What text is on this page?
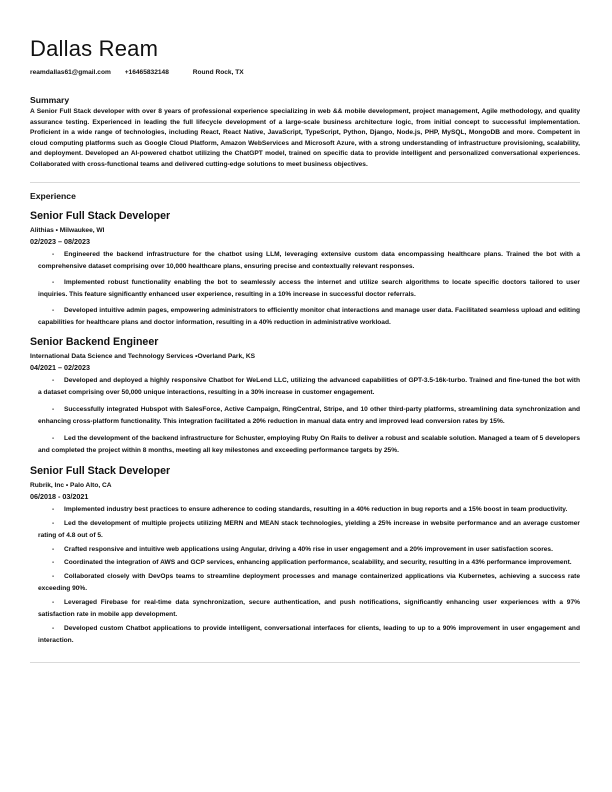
Dallas Ream
reamdallas61@gmail.com +16465832148	Round Rock, TX
Summary
A Senior Full Stack developer with over 8 years of professional experience specializing in web && mobile development, project management, Agile methodology, and quality assurance testing. Experienced in leading the full lifecycle development of a large-scale business architecture logic, from initial concept to successful implementation. Proficient in a wide range of technologies, including React, React Native, JavaScript, TypeScript, Python, Django, Node.js, PHP, MySQL, MongoDB and more. Competent in cloud computing platforms such as Google Cloud Platform, Amazon WebServices and Microsoft Azure, with a strong understanding of infrastructure provisioning, scalability, and deployment. Developed an AI-powered chatbot utilizing the ChatGPT model, trained on specific data to provide intelligent and personalized conversational experiences. Collaborated with cross-functional teams and delivered cutting-edge solutions to meet business objectives.
Experience
Senior Full Stack Developer
Alithias • Milwaukee, WI
02/2023 – 08/2023

- Engineered the backend infrastructure for the chatbot using LLM, leveraging extensive custom data encompassing healthcare plans. Trained the bot with a comprehensive dataset comprising over 10,000 healthcare plans, ensuring precise and contextually relevant responses.

- Implemented robust functionality enabling the bot to seamlessly access the internet and utilize search algorithms to locate specific doctors tailored to user inquiries. This feature significantly enhanced user experience, resulting in a 10% increase in successful doctor referrals.

- Developed intuitive admin pages, empowering administrators to efficiently monitor chat interactions and manage user data. Facilitated seamless upload and editing capabilities for healthcare plans and doctor information, resulting in a 40% reduction in administrative workload.

Senior Backend Engineer
International Data Science and Technology Services •Overland Park, KS
04/2021 – 02/2023

- Developed and deployed a highly responsive Chatbot for WeLend LLC, utilizing the advanced capabilities of GPT-3.5-16k-turbo. Trained and fine-tuned the bot with a dataset comprising over 50,000 unique interactions, resulting in a 30% increase in customer engagement.

- Successfully integrated Hubspot with SalesForce, Active Campaign, RingCentral, Stripe, and 10 other third-party platforms, streamlining data synchronization and enhancing cross-platform functionality. This integration facilitated a 20% reduction in manual data entry and improved lead conversion rates by 15%.

- Led the development of the backend infrastructure for Schuster, employing Ruby On Rails to deliver a robust and scalable solution. Managed a team of 5 developers and completed the project within 8 months, meeting all key milestones and exceeding performance targets by 25%.

Senior Full Stack Developer
Rubrik, Inc • Palo Alto, CA
06/2018 - 03/2021

- Implemented industry best practices to ensure adherence to coding standards, resulting in a 40% reduction in bug reports and a 15% boost in team productivity.

- Led the development of multiple projects utilizing MERN and MEAN stack technologies, yielding a 25% increase in website performance and an average customer rating of 4.8 out of 5.

- Crafted responsive and intuitive web applications using Angular, driving a 40% rise in user engagement and a 20% improvement in user satisfaction scores.

- Coordinated the integration of AWS and GCP services, enhancing application performance, scalability, and security, resulting in a 43% performance improvement.

- Collaborated closely with DevOps teams to streamline deployment processes and manage containerized applications via Kubernetes, achieving a success rate exceeding 90%.

- Leveraged Firebase for real-time data synchronization, secure authentication, and push notifications, significantly enhancing user experiences with a 97% satisfaction rate in mobile app development.

- Developed custom Chatbot applications to provide intelligent, conversational interfaces for clients, leading to up to a 90% improvement in user engagement and interaction.
